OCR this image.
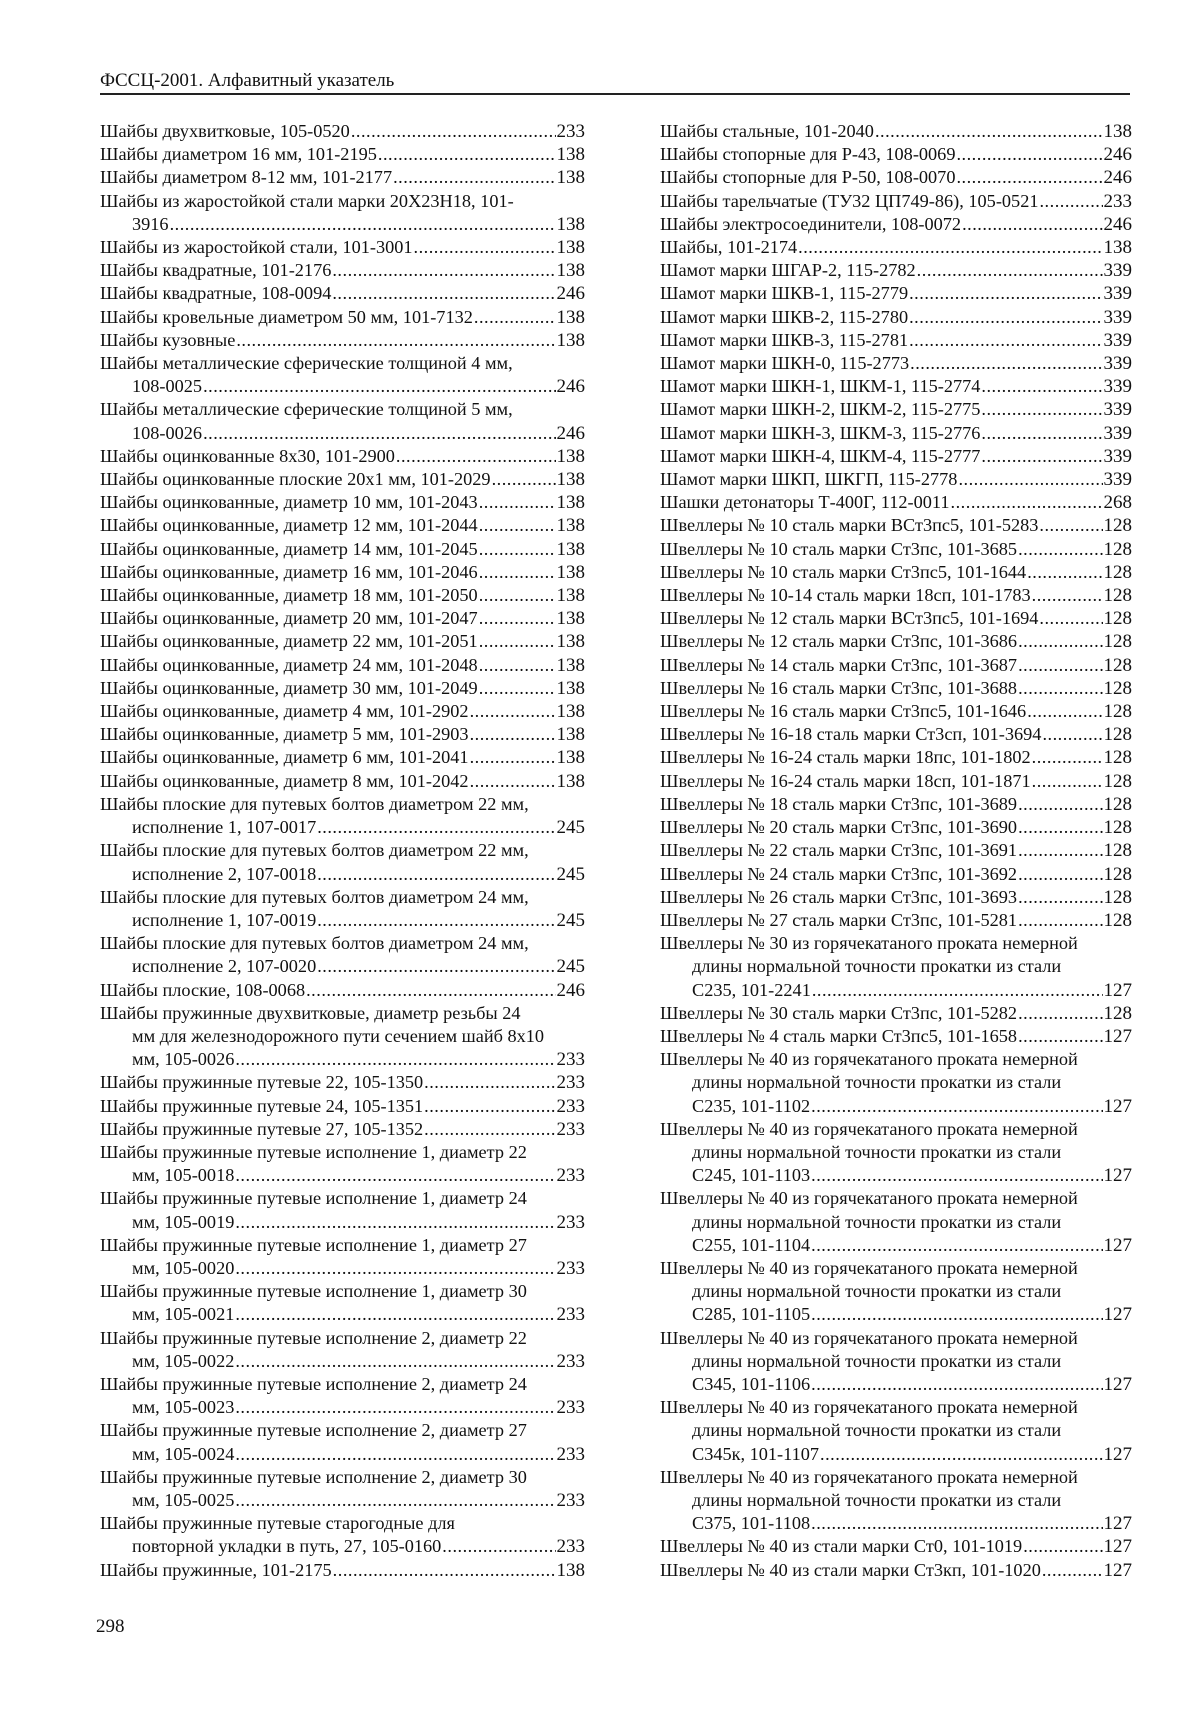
ФССЦ-2001. Алфавитный указатель
Шайбы двухвитковые, 105-0520 .....	233
Шайбы диаметром 16 мм, 101-2195 .....	138
Шайбы диаметром 8-12 мм, 101-2177 .....	138
Шайбы из жаростойкой стали марки 20Х23Н18, 101-
3916 .....	138
Шайбы из жаростойкой стали, 101-3001 .....	138
Шайбы квадратные, 101-2176 .....	138
Шайбы квадратные, 108-0094 .....	246
Шайбы кровельные диаметром 50 мм, 101-7132 .....	138
Шайбы кузовные .....	138
Шайбы металлические сферические толщиной 4 мм,
108-0025 .....	246
Шайбы металлические сферические толщиной 5 мм,
108-0026 .....	246
Шайбы оцинкованные 8х30, 101-2900 .....	138
Шайбы оцинкованные плоские 20х1 мм, 101-2029 .....	138
Шайбы оцинкованные, диаметр 10 мм, 101-2043 .....	138
Шайбы оцинкованные, диаметр 12 мм, 101-2044 .....	138
Шайбы оцинкованные, диаметр 14 мм, 101-2045 .....	138
Шайбы оцинкованные, диаметр 16 мм, 101-2046 .....	138
Шайбы оцинкованные, диаметр 18 мм, 101-2050 .....	138
Шайбы оцинкованные, диаметр 20 мм, 101-2047 .....	138
Шайбы оцинкованные, диаметр 22 мм, 101-2051 .....	138
Шайбы оцинкованные, диаметр 24 мм, 101-2048 .....	138
Шайбы оцинкованные, диаметр 30 мм, 101-2049 .....	138
Шайбы оцинкованные, диаметр 4 мм, 101-2902 .....	138
Шайбы оцинкованные, диаметр 5 мм, 101-2903 .....	138
Шайбы оцинкованные, диаметр 6 мм, 101-2041 .....	138
Шайбы оцинкованные, диаметр 8 мм, 101-2042 .....	138
Шайбы плоские для путевых болтов диаметром 22 мм,
исполнение 1, 107-0017 .....	245
Шайбы плоские для путевых болтов диаметром 22 мм,
исполнение 2, 107-0018 .....	245
Шайбы плоские для путевых болтов диаметром 24 мм,
исполнение 1, 107-0019 .....	245
Шайбы плоские для путевых болтов диаметром 24 мм,
исполнение 2, 107-0020 .....	245
Шайбы плоские, 108-0068 .....	246
Шайбы пружинные двухвитковые, диаметр резьбы 24
мм для железнодорожного пути сечением шайб 8х10
мм, 105-0026 .....	233
Шайбы пружинные путевые 22, 105-1350 .....	233
Шайбы пружинные путевые 24, 105-1351 .....	233
Шайбы пружинные путевые 27, 105-1352 .....	233
Шайбы пружинные путевые исполнение 1, диаметр 22
мм, 105-0018 .....	233
Шайбы пружинные путевые исполнение 1, диаметр 24
мм, 105-0019 .....	233
Шайбы пружинные путевые исполнение 1, диаметр 27
мм, 105-0020 .....	233
Шайбы пружинные путевые исполнение 1, диаметр 30
мм, 105-0021 .....	233
Шайбы пружинные путевые исполнение 2, диаметр 22
мм, 105-0022 .....	233
Шайбы пружинные путевые исполнение 2, диаметр 24
мм, 105-0023 .....	233
Шайбы пружинные путевые исполнение 2, диаметр 27
мм, 105-0024 .....	233
Шайбы пружинные путевые исполнение 2, диаметр 30
мм, 105-0025 .....	233
Шайбы пружинные путевые старогодные для
повторной укладки в путь, 27, 105-0160 .....	233
Шайбы пружинные, 101-2175 .....	138
Шайбы стальные, 101-2040 .....	138
Шайбы стопорные для Р-43, 108-0069 .....	246
Шайбы стопорные для Р-50, 108-0070 .....	246
Шайбы тарельчатые (ТУ32 ЦП749-86), 105-0521 .....	233
Шайбы электросоединители, 108-0072 .....	246
Шайбы, 101-2174 .....	138
Шамот марки ШГАР-2, 115-2782 .....	339
Шамот марки ШКВ-1, 115-2779 .....	339
Шамот марки ШКВ-2, 115-2780 .....	339
Шамот марки ШКВ-3, 115-2781 .....	339
Шамот марки ШКН-0, 115-2773 .....	339
Шамот марки ШКН-1, ШКМ-1, 115-2774 .....	339
Шамот марки ШКН-2, ШКМ-2, 115-2775 .....	339
Шамот марки ШКН-3, ШКМ-3, 115-2776 .....	339
Шамот марки ШКН-4, ШКМ-4, 115-2777 .....	339
Шамот марки ШКП, ШКГП, 115-2778 .....	339
Шашки детонаторы Т-400Г, 112-0011 .....	268
Швеллеры № 10 сталь марки ВСт3пс5, 101-5283 .....	128
Швеллеры № 10 сталь марки Ст3пс, 101-3685 .....	128
Швеллеры № 10 сталь марки Ст3пс5, 101-1644 .....	128
Швеллеры № 10-14 сталь марки 18сп, 101-1783 .....	128
Швеллеры № 12 сталь марки ВСт3пс5, 101-1694 .....	128
Швеллеры № 12 сталь марки Ст3пс, 101-3686 .....	128
Швеллеры № 14 сталь марки Ст3пс, 101-3687 .....	128
Швеллеры № 16 сталь марки Ст3пс, 101-3688 .....	128
Швеллеры № 16 сталь марки Ст3пс5, 101-1646 .....	128
Швеллеры № 16-18 сталь марки Ст3сп, 101-3694 .....	128
Швеллеры № 16-24 сталь марки 18пс, 101-1802 .....	128
Швеллеры № 16-24 сталь марки 18сп, 101-1871 .....	128
Швеллеры № 18 сталь марки Ст3пс, 101-3689 .....	128
Швеллеры № 20 сталь марки Ст3пс, 101-3690 .....	128
Швеллеры № 22 сталь марки Ст3пс, 101-3691 .....	128
Швеллеры № 24 сталь марки Ст3пс, 101-3692 .....	128
Швеллеры № 26 сталь марки Ст3пс, 101-3693 .....	128
Швеллеры № 27 сталь марки Ст3пс, 101-5281 .....	128
Швеллеры № 30 из горячекатаного проката немерной
длины нормальной точности прокатки из стали
С235, 101-2241 .....	127
Швеллеры № 30 сталь марки Ст3пс, 101-5282 .....	128
Швеллеры № 4 сталь марки Ст3пс5, 101-1658 .....	127
Швеллеры № 40 из горячекатаного проката немерной
длины нормальной точности прокатки из стали
С235, 101-1102 .....	127
Швеллеры № 40 из горячекатаного проката немерной
длины нормальной точности прокатки из стали
С245, 101-1103 .....	127
Швеллеры № 40 из горячекатаного проката немерной
длины нормальной точности прокатки из стали
С255, 101-1104 .....	127
Швеллеры № 40 из горячекатаного проката немерной
длины нормальной точности прокатки из стали
С285, 101-1105 .....	127
Швеллеры № 40 из горячекатаного проката немерной
длины нормальной точности прокатки из стали
С345, 101-1106 .....	127
Швеллеры № 40 из горячекатаного проката немерной
длины нормальной точности прокатки из стали
С345к, 101-1107 .....	127
Швеллеры № 40 из горячекатаного проката немерной
длины нормальной точности прокатки из стали
С375, 101-1108 .....	127
Швеллеры № 40 из стали марки Ст0, 101-1019 .....	127
Швеллеры № 40 из стали марки Ст3кп, 101-1020 .....	127
298
